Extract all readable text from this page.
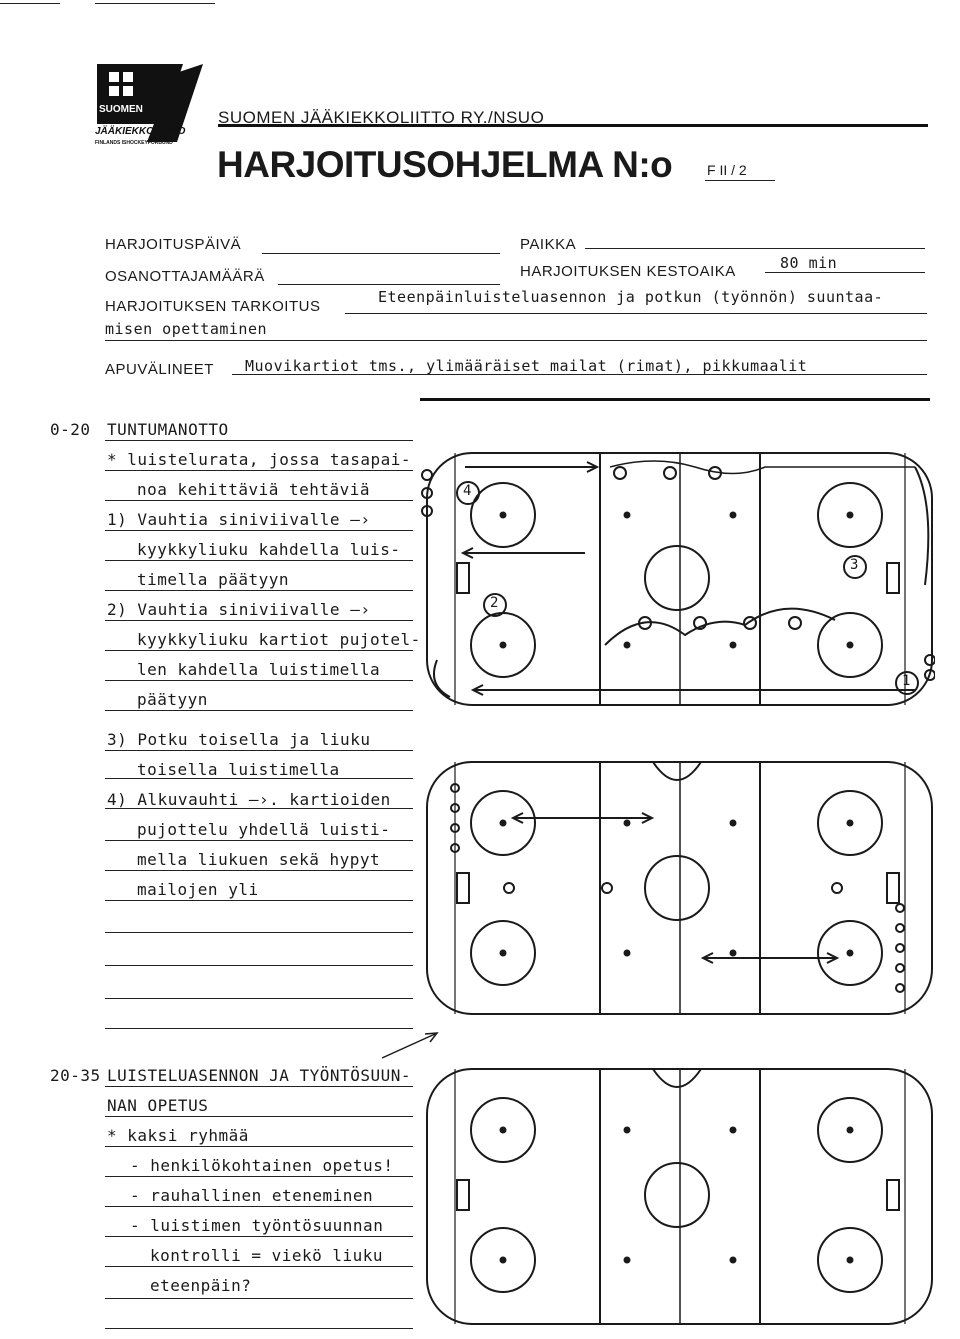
SUOMEN
JÄÄKIEKKOLIITTO
FINLANDS ISHOCKEYFÖRBUND
SUOMEN JÄÄKIEKKOLIITTO RY./NSUO
HARJOITUSOHJELMA N:o F II / 2
HARJOITUSPÄIVÄ	PAIKKA
OSANOTTAJAMÄÄRÄ	HARJOITUKSEN KESTOAIKA	80 min
HARJOITUKSEN TARKOITUS
Eteenpäinluisteluasennon ja potkun (työnnön) suuntaa-
misen opettaminen
APUVÄLINEET Muovikartiot tms., ylimääräiset mailat (rimat), pikkumaalit
0-20 TUNTUMANOTTO
* luistelurata, jossa tasapai-
noa kehittäviä tehtäviä
1) Vauhtia siniviivalle —›
kyykkyliuku kahdella luis-
timella päätyyn
2) Vauhtia siniviivalle —›
kyykkyliuku kartiot pujotel-
len kahdella luistimella
päätyyn
3) Potku toisella ja liuku
toisella luistimella
4) Alkuvauhti —›. kartioiden
pujottelu yhdellä luisti-
mella liukuen sekä hypyt
mailojen yli
20-35 LUISTELUASENNON JA TYÖNTÖSUUN-
NAN OPETUS
* kaksi ryhmää
- henkilökohtainen opetus!
- rauhallinen eteneminen
- luistimen työntösuunnan
kontrolli = viekö liuku
eteenpäin?
4
2
3
1
